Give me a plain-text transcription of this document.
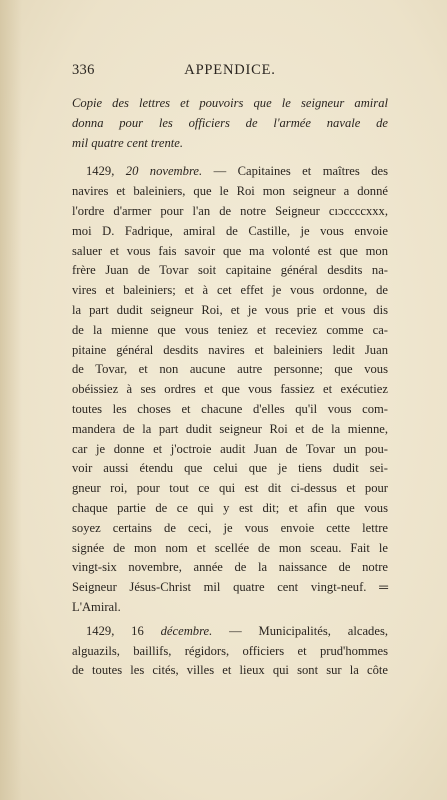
336	APPENDICE.
Copie des lettres et pouvoirs que le seigneur amiral
donna pour les officiers de l'armée navale de
mil quatre cent trente.
1429, 20 novembre. — Capitaines et maîtres des
navires et baleiniers, que le Roi mon seigneur a donné
l'ordre d'armer pour l'an de notre Seigneur cıɔccccxxx,
moi D. Fadrique, amiral de Castille, je vous envoie
saluer et vous fais savoir que ma volonté est que mon
frère Juan de Tovar soit capitaine général desdits na-
vires et baleiniers; et à cet effet je vous ordonne, de
la part dudit seigneur Roi, et je vous prie et vous dis
de la mienne que vous teniez et receviez comme ca-
pitaine général desdits navires et baleiniers ledit Juan
de Tovar, et non aucune autre personne; que vous
obéissiez à ses ordres et que vous fassiez et exécutiez
toutes les choses et chacune d'elles qu'il vous com-
mandera de la part dudit seigneur Roi et de la mienne,
car je donne et j'octroie audit Juan de Tovar un pou-
voir aussi étendu que celui que je tiens dudit sei-
gneur roi, pour tout ce qui est dit ci-dessus et pour
chaque partie de ce qui y est dit; et afin que vous
soyez certains de ceci, je vous envoie cette lettre
signée de mon nom et scellée de mon sceau. Fait le
vingt-six novembre, année de la naissance de notre
Seigneur Jésus-Christ mil quatre cent vingt-neuf. ═
L'Amiral.
1429, 16 décembre. — Municipalités, alcades,
alguazils, baillifs, régidors, officiers et prud'hommes
de toutes les cités, villes et lieux qui sont sur la côte
